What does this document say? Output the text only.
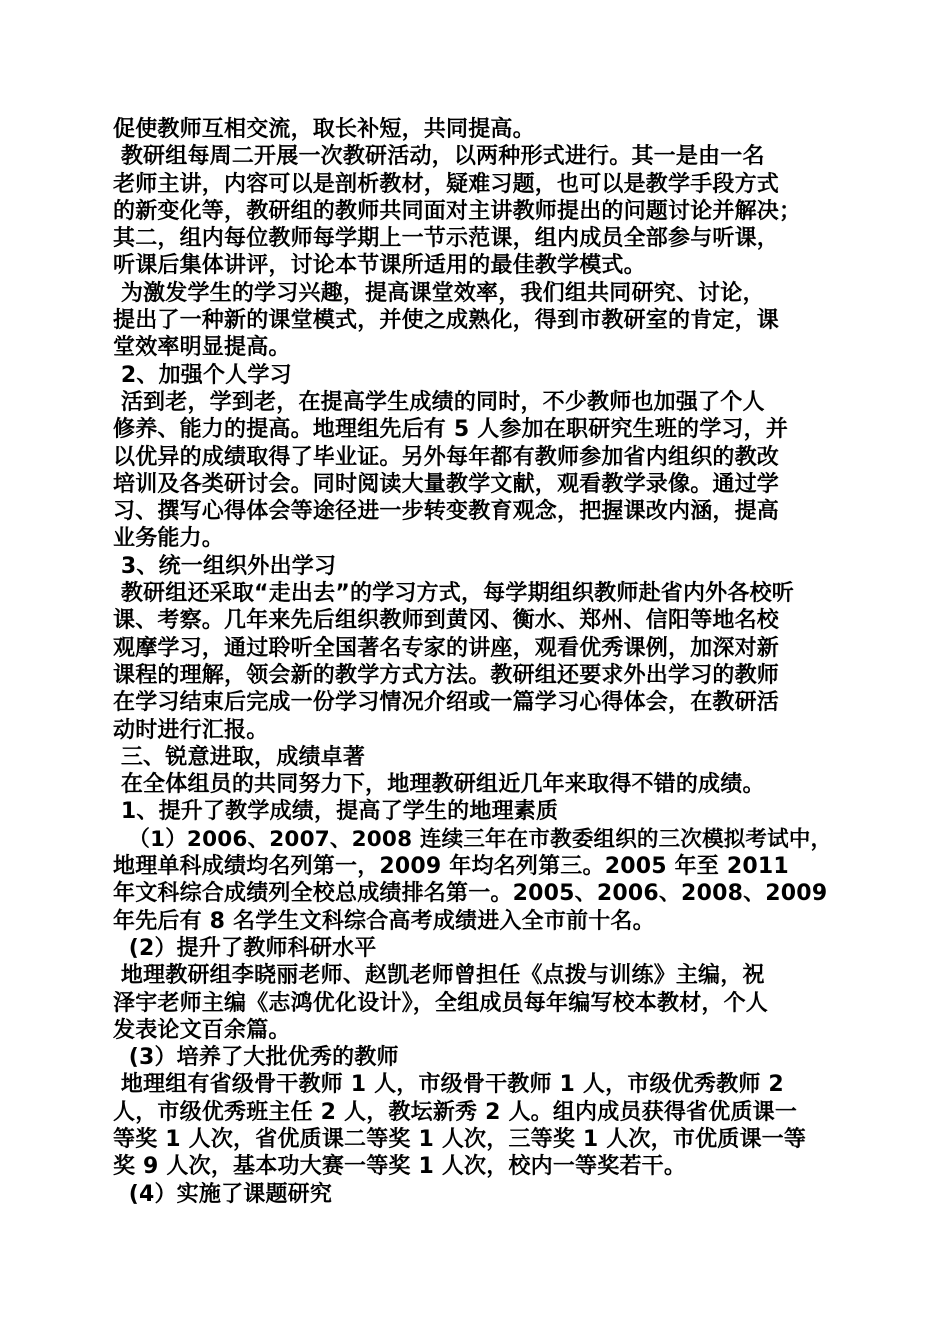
促使教师互相交流，取长补短，共同提高。
教研组每周二开展一次教研活动，以两种形式进行。其一是由一名
老师主讲，内容可以是剖析教材，疑难习题，也可以是教学手段方式
的新变化等，教研组的教师共同面对主讲教师提出的问题讨论并解决；
其二，组内每位教师每学期上一节示范课，组内成员全部参与听课，
听课后集体讲评，讨论本节课所适用的最佳教学模式。
为激发学生的学习兴趣，提高课堂效率，我们组共同研究、讨论，
提出了一种新的课堂模式，并使之成熟化，得到市教研室的肯定，课
堂效率明显提高。
2、加强个人学习
活到老，学到老，在提高学生成绩的同时，不少教师也加强了个人
修养、能力的提高。地理组先后有 5 人参加在职研究生班的学习，并
以优异的成绩取得了毕业证。另外每年都有教师参加省内组织的教改
培训及各类研讨会。同时阅读大量教学文献，观看教学录像。通过学
习、撰写心得体会等途径进一步转变教育观念，把握课改内涵，提高
业务能力。
3、统一组织外出学习
教研组还采取“走出去”的学习方式，每学期组织教师赴省内外各校听
课、考察。几年来先后组织教师到黄冈、衡水、郑州、信阳等地名校
观摩学习，通过聆听全国著名专家的讲座，观看优秀课例，加深对新
课程的理解，领会新的教学方式方法。教研组还要求外出学习的教师
在学习结束后完成一份学习情况介绍或一篇学习心得体会，在教研活
动时进行汇报。
三、锐意进取，成绩卓著
在全体组员的共同努力下，地理教研组近几年来取得不错的成绩。
1、提升了教学成绩，提高了学生的地理素质
（1）2006、2007、2008 连续三年在市教委组织的三次模拟考试中，
地理单科成绩均名列第一，2009 年均名列第三。2005 年至 2011
年文科综合成绩列全校总成绩排名第一。2005、2006、2008、2009
年先后有 8 名学生文科综合高考成绩进入全市前十名。
(2）提升了教师科研水平
地理教研组李晓丽老师、赵凯老师曾担任《点拨与训练》主编，祝
泽宇老师主编《志鸿优化设计》，全组成员每年编写校本教材，个人
发表论文百余篇。
(3）培养了大批优秀的教师
地理组有省级骨干教师 1 人，市级骨干教师 1 人，市级优秀教师 2
人，市级优秀班主任 2 人，教坛新秀 2 人。组内成员获得省优质课一
等奖 1 人次，省优质课二等奖 1 人次，三等奖 1 人次，市优质课一等
奖 9 人次，基本功大赛一等奖 1 人次，校内一等奖若干。
(4）实施了课题研究
